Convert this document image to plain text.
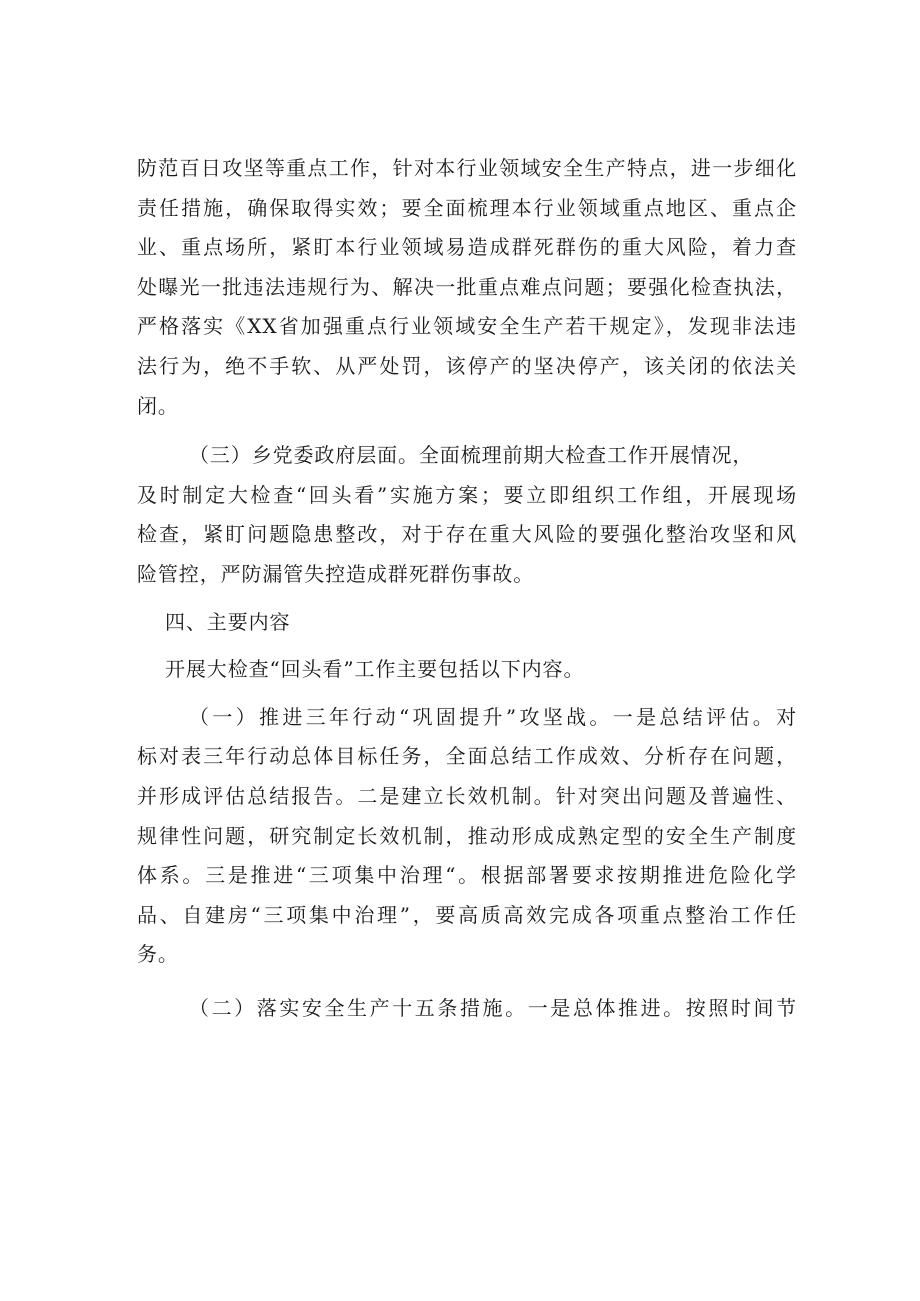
防范百日攻坚等重点工作，针对本行业领域安全生产特点，进一步细化
责任措施，确保取得实效；要全面梳理本行业领域重点地区、重点企
业、重点场所，紧盯本行业领域易造成群死群伤的重大风险，着力查
处曝光一批违法违规行为、解决一批重点难点问题；要强化检查执法，
严格落实《XX省加强重点行业领域安全生产若干规定》，发现非法违
法行为，绝不手软、从严处罚，该停产的坚决停产，该关闭的依法关
闭。
（三）乡党委政府层面。全面梳理前期大检查工作开展情况，
及时制定大检查“回头看”实施方案；要立即组织工作组，开展现场
检查，紧盯问题隐患整改，对于存在重大风险的要强化整治攻坚和风
险管控，严防漏管失控造成群死群伤事故。
四、主要内容
开展大检查“回头看”工作主要包括以下内容。
（一）推进三年行动“巩固提升”攻坚战。一是总结评估。对
标对表三年行动总体目标任务，全面总结工作成效、分析存在问题，
并形成评估总结报告。二是建立长效机制。针对突出问题及普遍性、
规律性问题，研究制定长效机制，推动形成成熟定型的安全生产制度
体系。三是推进“三项集中治理“。根据部署要求按期推进危险化学
品、自建房“三项集中治理”，要高质高效完成各项重点整治工作任
务。
（二）落实安全生产十五条措施。一是总体推进。按照时间节
